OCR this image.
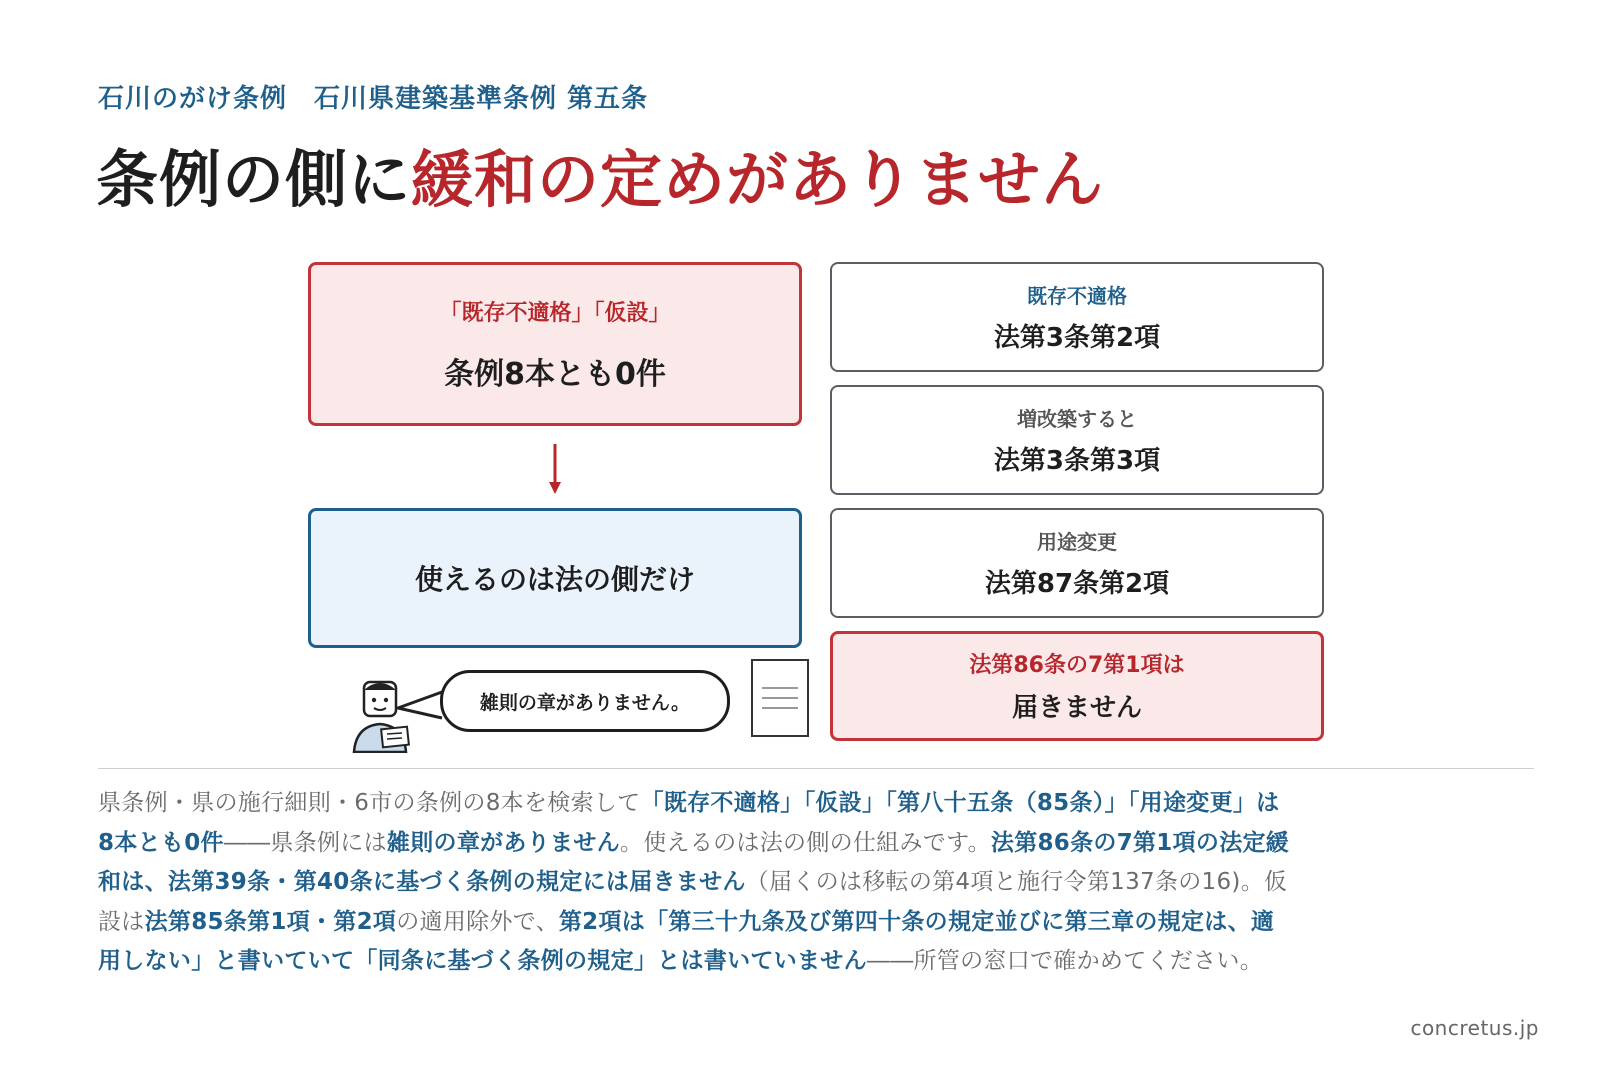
石川のがけ条例　石川県建築基準条例 第五条
条例の側に緩和の定めがありません
「既存不適格」「仮設」
条例8本とも0件
使えるのは法の側だけ
雑則の章がありません。
既存不適格
法第3条第2項
増改築すると
法第3条第3項
用途変更
法第87条第2項
法第86条の7第1項は
届きません
県条例・県の施行細則・6市の条例の8本を検索して「既存不適格」「仮設」「第八十五条（85条）」「用途変更」は8本とも0件――県条例には雑則の章がありません。使えるのは法の側の仕組みです。法第86条の7第1項の法定緩和は、法第39条・第40条に基づく条例の規定には届きません（届くのは移転の第4項と施行令第137条の16)。仮設は法第85条第1項・第2項の適用除外で、第2項は「第三十九条及び第四十条の規定並びに第三章の規定は、適用しない」と書いていて「同条に基づく条例の規定」とは書いていません――所管の窓口で確かめてください。
concretus.jp
